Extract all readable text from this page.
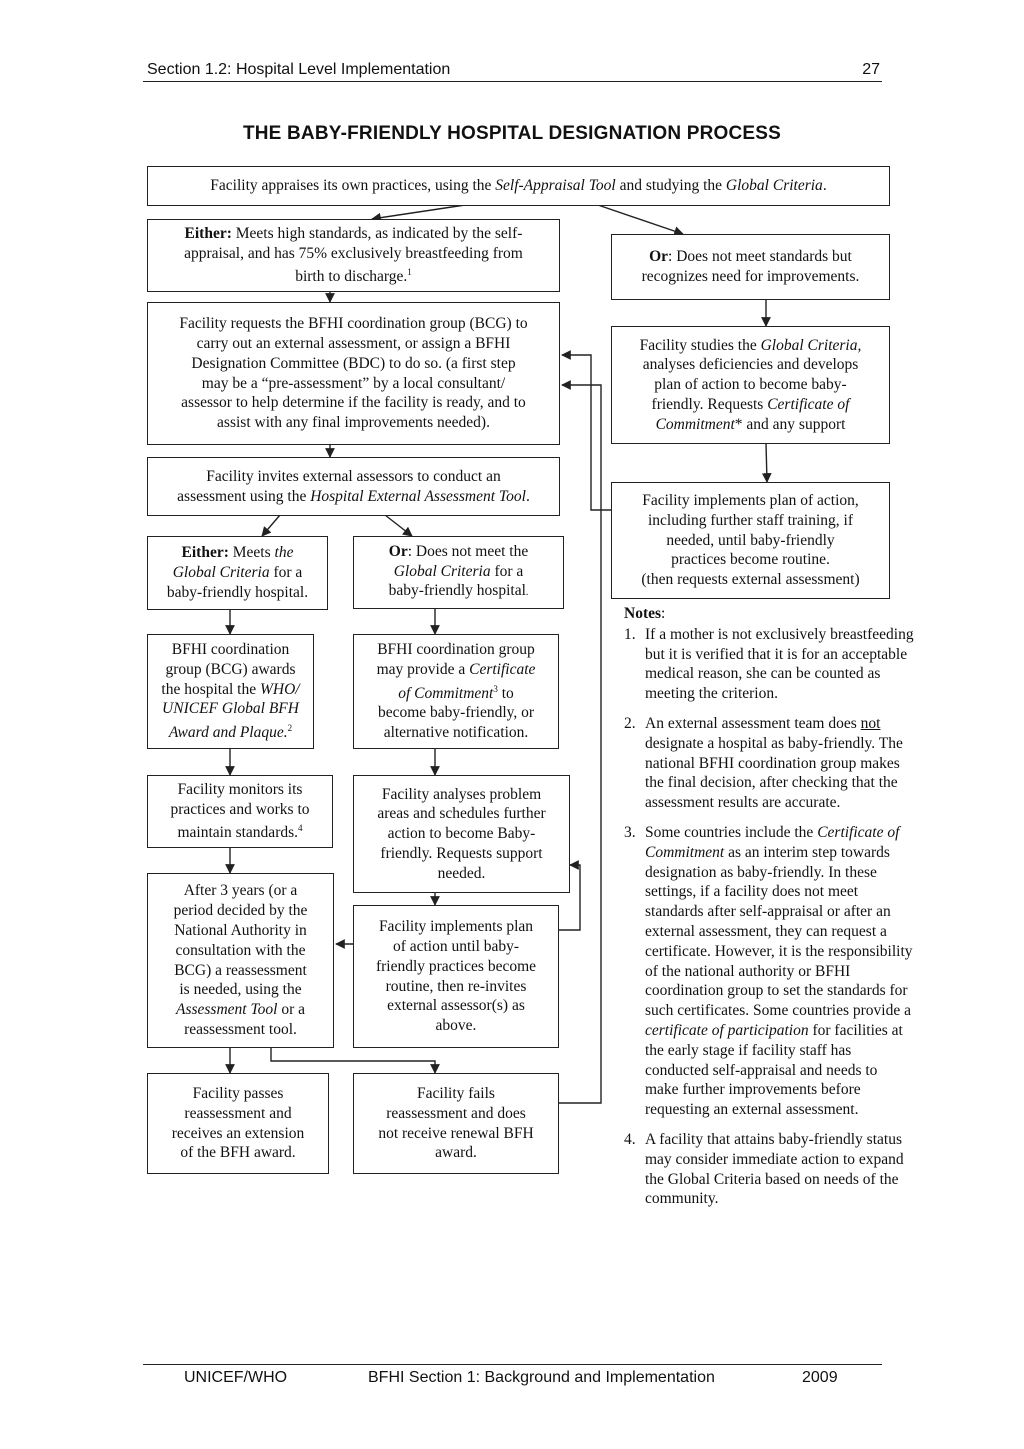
Section 1.2: Hospital Level Implementation	27
THE BABY-FRIENDLY HOSPITAL DESIGNATION PROCESS

Facility appraises its own practices, using the Self-Appraisal Tool and studying the Global Criteria.

Either: Meets high standards, as indicated by the self-

appraisal, and has 75% exclusively breastfeeding from

birth to discharge.$^1$

Or: Does not meet standards but

recognizes need for improvements.

Facility requests the BFHI coordination group (BCG) to

carry out an external assessment, or assign a BFHI

Designation Committee (BDC) to do so. (a first step

may be a “pre-assessment” by a local consultant/

assessor to help determine if the facility is ready, and to

assist with any final improvements needed).

Facility studies the Global Criteria,

analyses deficiencies and develops

plan of action to become baby-

friendly. Requests Certificate of

Commitment* and any support

Facility invites external assessors to conduct an

assessment using the Hospital External Assessment Tool.	Facility implements plan of action,

including further staff training, if

needed, until baby-friendly

practices become routine.

(then requests external assessment)

Either: Meets the

Global Criteria for a

baby-friendly hospital.

Or: Does not meet the

Global Criteria for a

baby-friendly hospital.

BFHI coordination

group (BCG) awards

the hospital the WHO/

UNICEF Global BFH

Award and Plaque.$^2$

BFHI coordination group

may provide a Certificate

of Commitment$^3$ to

become baby-friendly, or

alternative notification.

Facility monitors its

practices and works to

maintain standards.$^4$

Facility analyses problem

areas and schedules further

action to become Baby-

friendly. Requests support

needed.

After 3 years (or a

period decided by the

National Authority in

consultation with the

BCG) a reassessment

is needed, using the

Assessment Tool or a

reassessment tool.

Facility implements plan

of action until baby-

friendly practices become

routine, then re-invites

external assessor(s) as

above.

Facility passes

reassessment and

receives an extension

of the BFH award.

Facility fails

reassessment and does

not receive renewal BFH

award.

Notes:
1. If a mother is not exclusively breastfeeding but it is verified that it is for an acceptable medical reason, she can be counted as meeting the criterion.
2. An external assessment team does not designate a hospital as baby-friendly. The national BFHI coordination group makes the final decision, after checking that the assessment results are accurate.
3. Some countries include the Certificate of Commitment as an interim step towards designation as baby-friendly. In these settings, if a facility does not meet standards after self-appraisal or after an external assessment, they can request a certificate. However, it is the responsibility of the national authority or BFHI coordination group to set the standards for such certificates. Some countries provide a certificate of participation for facilities at the early stage if facility staff has conducted self-appraisal and needs to make further improvements before requesting an external assessment.
4. A facility that attains baby-friendly status may consider immediate action to expand the Global Criteria based on needs of the community.
UNICEF/WHO	BFHI Section 1: Background and Implementation	2009
